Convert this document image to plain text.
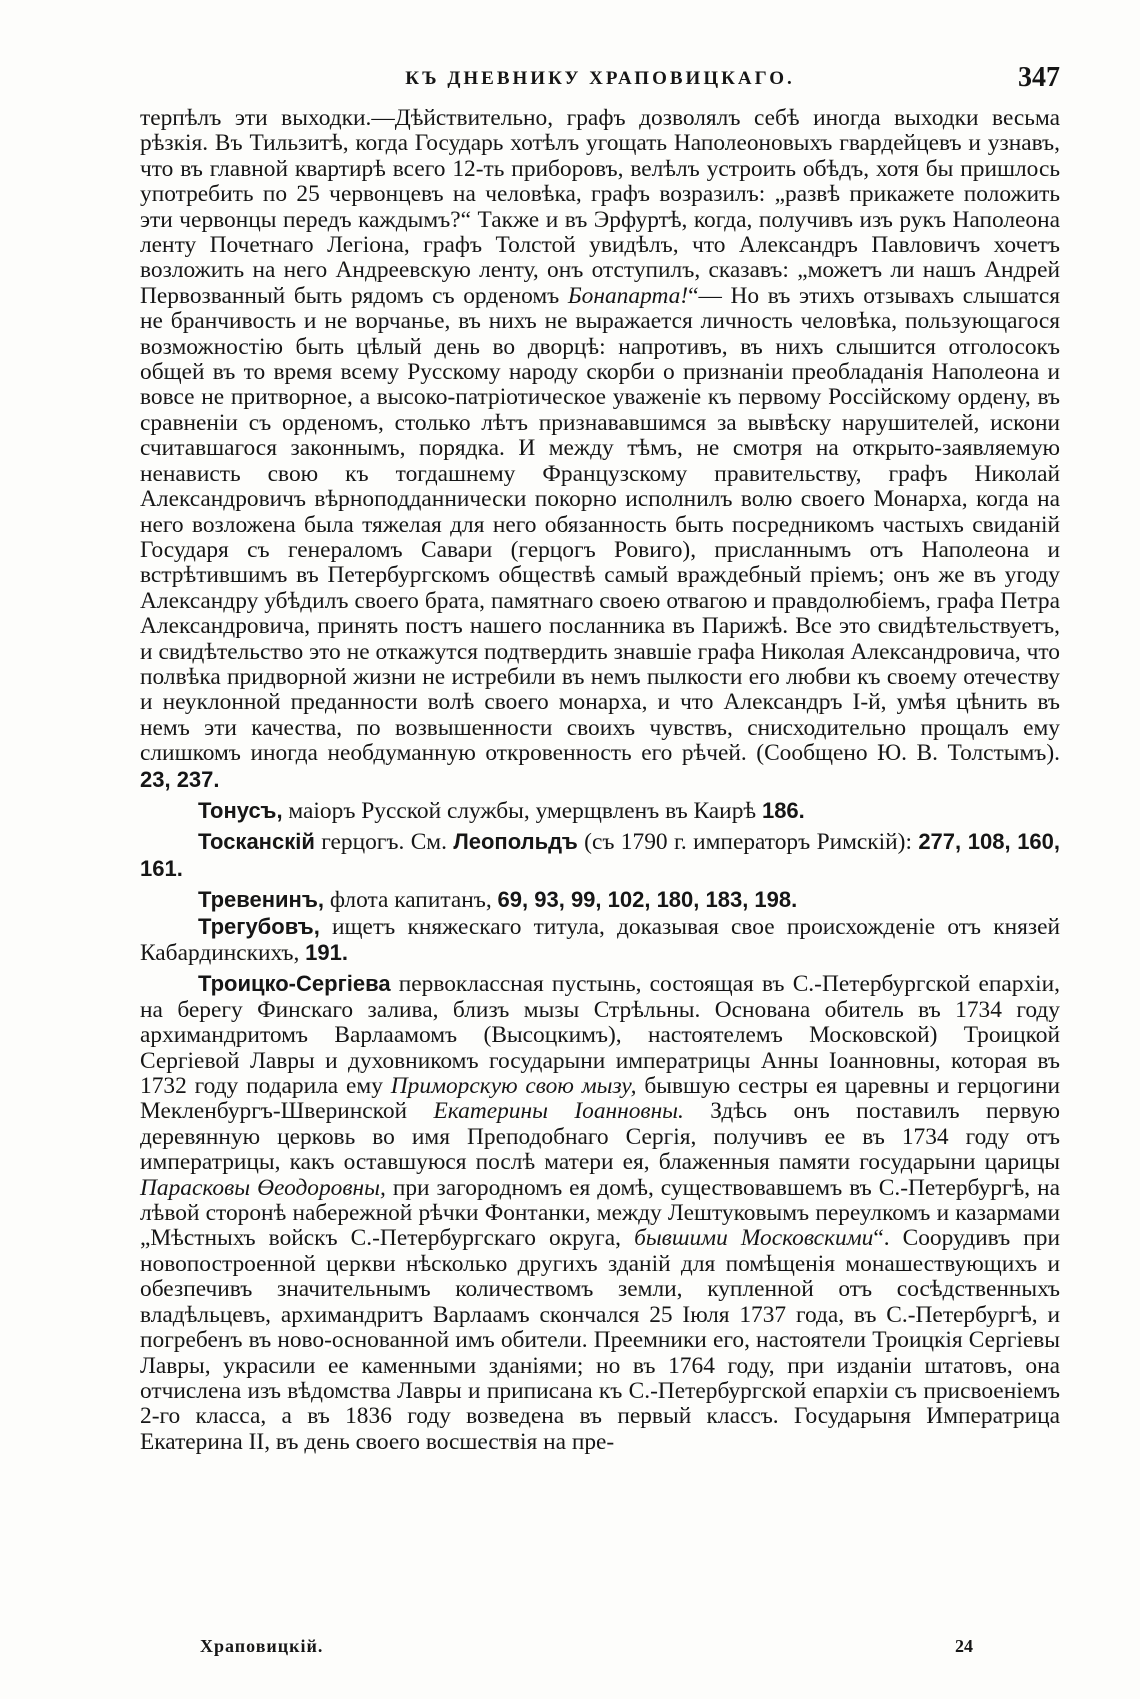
КЪ ДНЕВНИКУ ХРАПОВИЦКАГО.	347

терпѣлъ эти выходки.—Дѣйствительно, графъ дозволялъ себѣ иногда выходки весьма рѣзкія. Въ Тильзитѣ, когда Государь хотѣлъ угощать Наполеоновыхъ гвардейцевъ и узнавъ, что въ главной квартирѣ всего 12-ть приборовъ, велѣлъ устроить обѣдъ, хотя бы пришлось употребить по 25 червонцевъ на человѣка, графъ возразилъ: „развѣ прикажете положить эти червонцы передъ каждымъ?“ Также и въ Эрфуртѣ, когда, получивъ изъ рукъ Наполеона ленту Почетнаго Легіона, графъ Толстой увидѣлъ, что Александръ Павловичъ хочетъ возложить на него Андреевскую ленту, онъ отступилъ, сказавъ: „можетъ ли нашъ Андрей Первозванный быть рядомъ съ орденомъ Бонапарта!“— Но въ этихъ отзывахъ слышатся не бранчивость и не ворчанье, въ нихъ не выражается личность человѣка, пользующагося возможностію быть цѣлый день во дворцѣ: напротивъ, въ нихъ слышится отголосокъ общей въ то время всему Русскому народу скорби о признаніи преобладанія Наполеона и вовсе не притворное, а высоко-патріотическое уваженіе къ первому Россійскому ордену, въ сравненіи съ орденомъ, столько лѣтъ признававшимся за вывѣску нарушителей, искони считавшагося законнымъ, порядка. И между тѣмъ, не смотря на открыто-заявляемую ненависть свою къ тогдашнему Французскому правительству, графъ Николай Александровичъ вѣрноподданнически покорно исполнилъ волю своего Монарха, когда на него возложена была тяжелая для него обязанность быть посредникомъ частыхъ свиданій Государя съ генераломъ Савари (герцогъ Ровиго), присланнымъ отъ Наполеона и встрѣтившимъ въ Петербургскомъ обществѣ самый враждебный пріемъ; онъ же въ угоду Александру убѣдилъ своего брата, памятнаго своею отвагою и правдолюбіемъ, графа Петра Александровича, принять постъ нашего посланника въ Парижѣ. Все это свидѣтельствуетъ, и свидѣтельство это не откажутся подтвердить знавшіе графа Николая Александровича, что полвѣка придворной жизни не истребили въ немъ пылкости его любви къ своему отечеству и неуклонной преданности волѣ своего монарха, и что Александръ I-й, умѣя цѣнить въ немъ эти качества, по возвышенности своихъ чувствъ, снисходительно прощалъ ему слишкомъ иногда необдуманную откровенность его рѣчей. (Сообщено Ю. В. Толстымъ). 23, 237.

Тонусъ, маіоръ Русской службы, умерщвленъ въ Каирѣ 186.

Тосканскій герцогъ. См. Леопольдъ (съ 1790 г. императоръ Римскій): 277, 108, 160, 161.

Тревенинъ, флота капитанъ, 69, 93, 99, 102, 180, 183, 198.

Трегубовъ, ищетъ княжескаго титула, доказывая свое происхожденіе отъ князей Кабардинскихъ, 191.

Троицко-Сергіева первоклассная пустынь, состоящая въ С.-Петербургской епархіи, на берегу Финскаго залива, близъ мызы Стрѣльны. Основана обитель въ 1734 году архимандритомъ Варлаамомъ (Высоцкимъ), настоятелемъ Московской) Троицкой Сергіевой Лавры и духовникомъ государыни императрицы Анны Іоанновны, которая въ 1732 году подарила ему Приморскую свою мызу, бывшую сестры ея царевны и герцогини Мекленбургъ-Шверинской Екатерины Іоанновны. Здѣсь онъ поставилъ первую деревянную церковь во имя Преподобнаго Сергія, получивъ ее въ 1734 году отъ императрицы, какъ оставшуюся послѣ матери ея, блаженныя памяти государыни царицы Парасковы Өеодоровны, при загородномъ ея домѣ, существовавшемъ въ С.-Петербургѣ, на лѣвой сторонѣ набережной рѣчки Фонтанки, между Лештуковымъ переулкомъ и казармами „Мѣстныхъ войскъ С.-Петербургскаго округа, бывшими Московскими“. Соорудивъ при новопостроенной церкви нѣсколько другихъ зданій для помѣщенія монашествующихъ и обезпечивъ значительнымъ количествомъ земли, купленной отъ сосѣдственныхъ владѣльцевъ, архимандритъ Варлаамъ скончался 25 Іюля 1737 года, въ С.-Петербургѣ, и погребенъ въ ново-основанной имъ обители. Преемники его, настоятели Троицкія Сергіевы Лавры, украсили ее каменными зданіями; но въ 1764 году, при изданіи штатовъ, она отчислена изъ вѣдомства Лавры и приписана къ С.-Петербургской епархіи съ присвоеніемъ 2-го класса, а въ 1836 году возведена въ первый классъ. Государыня Императрица Екатерина II, въ день своего восшествія на пре-

Храповицкій.	24
